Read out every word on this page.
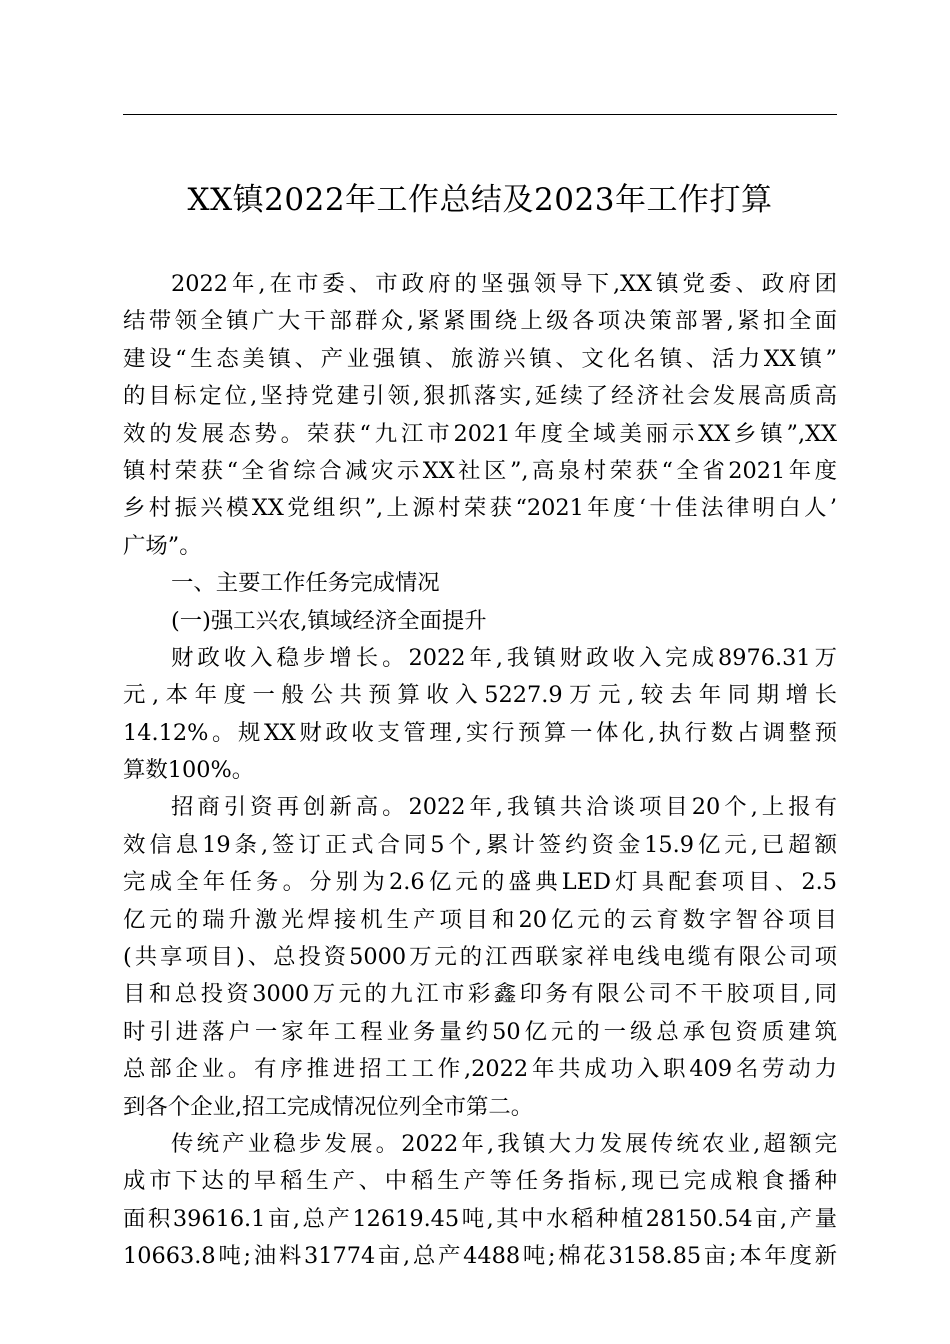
XX镇2022年工作总结及2023年工作打算
2022年,在市委、市政府的坚强领导下,XX镇党委、政府团
结带领全镇广大干部群众,紧紧围绕上级各项决策部署,紧扣全面
建设“生态美镇、产业强镇、旅游兴镇、文化名镇、活力XX镇”
的目标定位,坚持党建引领,狠抓落实,延续了经济社会发展高质高
效的发展态势。荣获“九江市2021年度全域美丽示XX乡镇”,XX
镇村荣获“全省综合减灾示XX社区”,高泉村荣获“全省2021年度
乡村振兴模XX党组织”,上源村荣获“2021年度‘十佳法律明白人’
广场”。
一、主要工作任务完成情况
(一)强工兴农,镇域经济全面提升
财政收入稳步增长。2022年,我镇财政收入完成8976.31万
元,本年度一般公共预算收入5227.9万元,较去年同期增长
14.12%。规XX财政收支管理,实行预算一体化,执行数占调整预
算数100%。
招商引资再创新高。2022年,我镇共洽谈项目20个,上报有
效信息19条,签订正式合同5个,累计签约资金15.9亿元,已超额
完成全年任务。分别为2.6亿元的盛典LED灯具配套项目、2.5
亿元的瑞升激光焊接机生产项目和20亿元的云育数字智谷项目
(共享项目)、总投资5000万元的江西联家祥电线电缆有限公司项
目和总投资3000万元的九江市彩鑫印务有限公司不干胶项目,同
时引进落户一家年工程业务量约50亿元的一级总承包资质建筑
总部企业。有序推进招工工作,2022年共成功入职409名劳动力
到各个企业,招工完成情况位列全市第二。
传统产业稳步发展。2022年,我镇大力发展传统农业,超额完
成市下达的早稻生产、中稻生产等任务指标,现已完成粮食播种
面积39616.1亩,总产12619.45吨,其中水稻种植28150.54亩,产量
10663.8吨;油料31774亩,总产4488吨;棉花3158.85亩;本年度新
